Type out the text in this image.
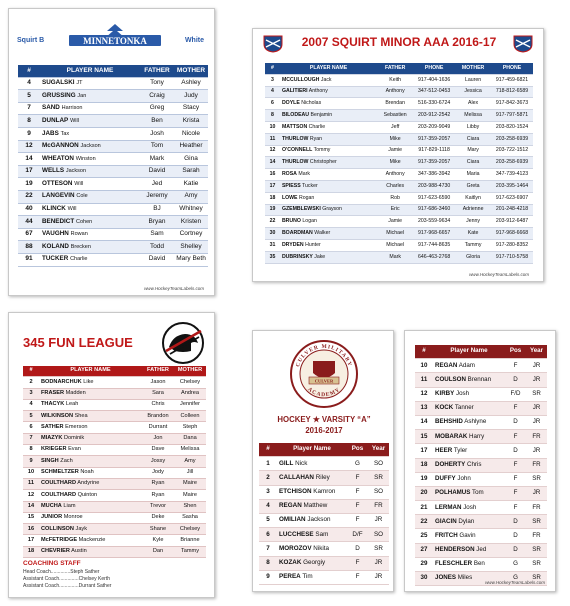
Squirt B	MINNETONKA	White
#	PLAYER NAME	FATHER	MOTHER
4	SUGALSKI JT	Tony	Ashley
5	GRUSSING Jan	Craig	Judy
7	SAND Harrison	Greg	Stacy
8	DUNLAP Will	Ben	Krista
9	JABS Tax	Josh	Nicole
12	McGANNON Jackson	Tom	Heather
14	WHEATON Winston	Mark	Gina
17	WELLS Jackson	David	Sarah
19	OTTESON Will	Jed	Katie
22	LANGEVIN Cole	Jeremy	Amy
40	KLINCK Will	BJ	Whitney
44	BENEDICT Cohen	Bryan	Kristen
67	VAUGHN Rowan	Sam	Cortney
88	KOLAND Brecken	Todd	Shelley
91	TUCKER Charlie	David	Mary Beth
www.HockeyTeamLabels.com
2007 SQUIRT MINOR AAA 2016-17
#	PLAYER NAME	FATHER	PHONE	MOTHER	PHONE
3	MCCULLOUGH Jack	Keith	917-404-1636	Lauren	917-459-6821
4	GALITIERI Anthony	Anthony	347-512-0453	Jessica	718-812-6589
6	DOYLE Nicholas	Brendan	516-330-6724	Alex	917-842-3673
8	BILODEAU Benjamin	Sebastien	203-912-2542	Melissa	917-797-5871
10	MATTSON Charlie	Jeff	203-209-9049	Libby	203-820-1524
11	THURLOW Ryan	Mike	917-359-2057	Ciara	203-258-6939
12	O'CONNELL Tommy	Jamie	917-829-1118	Mary	203-722-1512
14	THURLOW Christopher	Mike	917-359-2057	Ciara	203-258-6939
16	ROSA Mark	Anthony	347-386-3942	Maria	347-739-4123
17	SPIESS Tucker	Charles	203-988-4730	Greta	203-395-1464
18	LOWE Rogan	Rob	917-623-6590	Kaitlyn	917-623-6907
19	GZEMBLEWSKI Grayson	Eric	917-686-3460	Adrienne	201-248-4218
22	BRUNO Logan	Jamie	203-559-9634	Jenny	203-912-6487
30	BOARDMAN Walker	Michael	917-968-6657	Kate	917-968-6668
31	DRYDEN Hunter	Michael	917-744-8635	Tammy	917-280-8352
35	DUBRINSKY Jake	Mark	646-463-2768	Gloria	917-710-5758
www.HockeyTeamLabels.com
345 FUN LEAGUE
#	PLAYER NAME	FATHER	MOTHER
2	BODNARCHUK Like	Jason	Chelsey
3	FRASER Madden	Sara	Andrea
4	THACYK Leah	Chris	Jennifer
5	WILKINSON Shea	Brandon	Colleen
6	SATHER Emerson	Durrant	Steph
7	MIAZYK Dominik	Jon	Dana
8	KRIEGER Evan	Dave	Melissa
9	SINGH Zach	Jossy	Amy
10	SCHMELTZER Noah	Jody	Jill
11	COULTHARD Andyrine	Ryan	Maire
12	COULTHARD Quinton	Ryan	Maire
14	MUCHA Liam	Trevor	Shen
15	JUNIOR Monroe	Deke	Sasha
16	COLLINSON Jayk	Shane	Chelsey
17	McFETRIDGE Mackenzie	Kyle	Brianne
18	CHEVRIER Austin	Dan	Tammy
COACHING STAFF
Head Coach..............Steph Sather
Assistant Coach..............Chelsey Kerth
Assistant Coach..............Durrant Sather
CULVER MILITARY
ACADEMY
CULVER
HOCKEY ★ VARSITY “A”
2016-2017
#	Player Name	Pos	Year
1	GILL Nick	G	SO
2	CALLAHAN Riley	F	SR
3	ETCHISON Kamron	F	SO
4	REGAN Matthew	F	FR
5	OMILIAN Jackson	F	JR
6	LUCCHESE Sam	D/F	SO
7	MOROZOV Nikita	D	SR
8	KOZAK Georgiy	F	JR
9	PEREA Tim	F	JR
#	Player Name	Pos	Year
10	REGAN Adam	F	JR
11	COULSON Brennan	D	JR
12	KIRBY Josh	F/D	SR
13	KOCK Tanner	F	JR
14	BEHSHID Ashlyne	D	JR
15	MOBARAK Harry	F	FR
17	HEER Tyler	D	JR
18	DOHERTY Chris	F	FR
19	DUFFY John	F	SR
20	POLHAMUS Tom	F	JR
21	LERMAN Josh	F	FR
22	GIACIN Dylan	D	SR
25	FRITCH Gavin	D	FR
27	HENDERSON Jed	D	SR
29	FLESCHLER Ben	G	SR
30	JONES Miles	G	SR
www.HockeyTeamLabels.com
